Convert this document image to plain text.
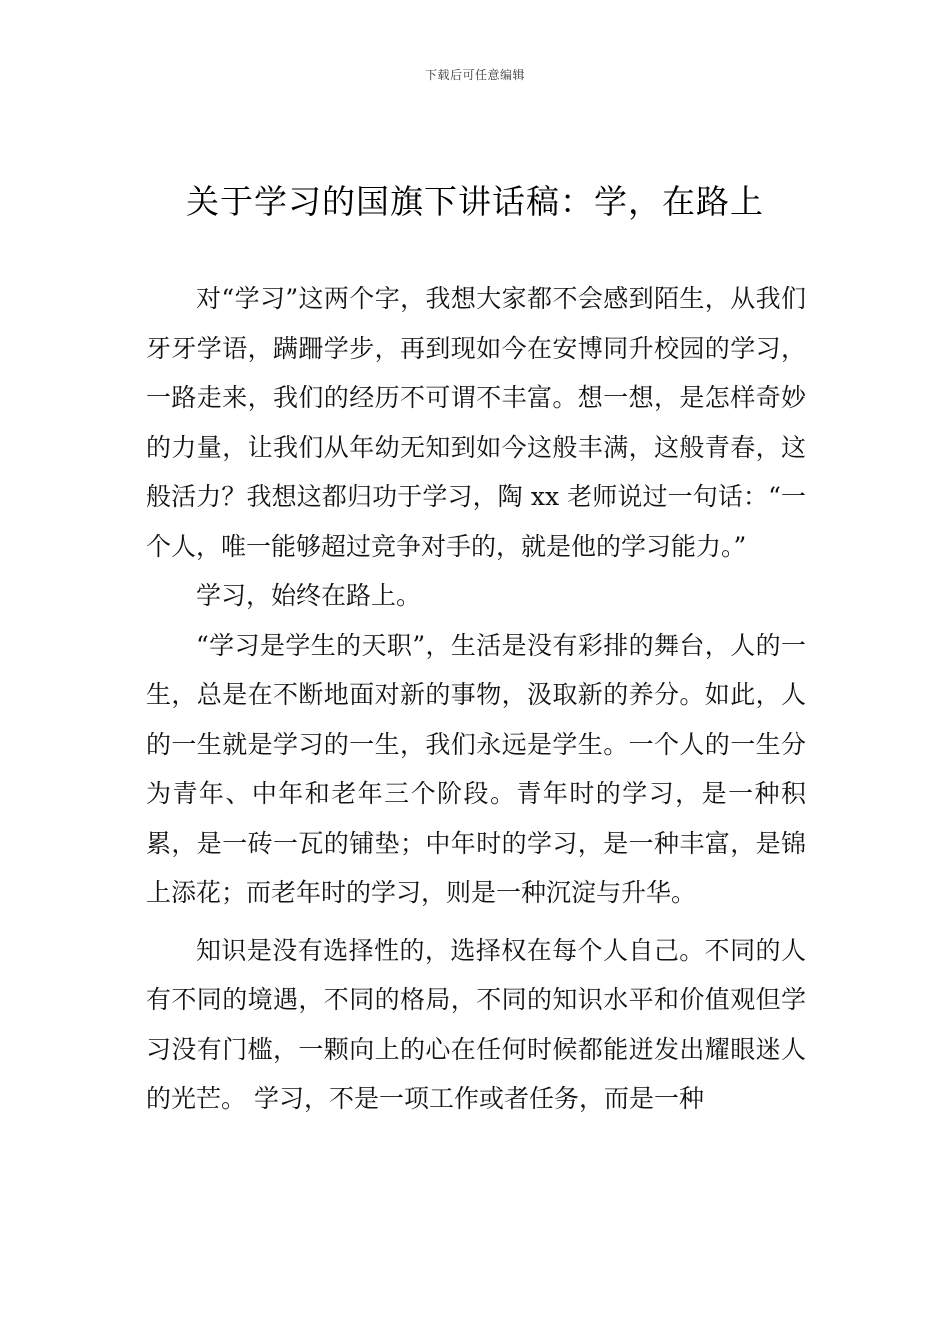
下载后可任意编辑
关于学习的国旗下讲话稿：学，在路上

对“学习”这两个字，我想大家都不会感到陌生，从我们牙牙学语，蹒跚学步，再到现如今在安博同升校园的学习，一路走来，我们的经历不可谓不丰富。想一想，是怎样奇妙的力量，让我们从年幼无知到如今这般丰满，这般青春，这般活力？我想这都归功于学习，陶 xx 老师说过一句话：“一个人，唯一能够超过竞争对手的，就是他的学习能力。”

学习，始终在路上。

“学习是学生的天职”，生活是没有彩排的舞台，人的一生，总是在不断地面对新的事物，汲取新的养分。如此，人的一生就是学习的一生，我们永远是学生。一个人的一生分为青年、中年和老年三个阶段。青年时的学习，是一种积累，是一砖一瓦的铺垫；中年时的学习，是一种丰富，是锦上添花；而老年时的学习，则是一种沉淀与升华。

知识是没有选择性的，选择权在每个人自己。不同的人有不同的境遇，不同的格局，不同的知识水平和价值观但学习没有门槛，一颗向上的心在任何时候都能迸发出耀眼迷人的光芒。 学习，不是一项工作或者任务，而是一种
